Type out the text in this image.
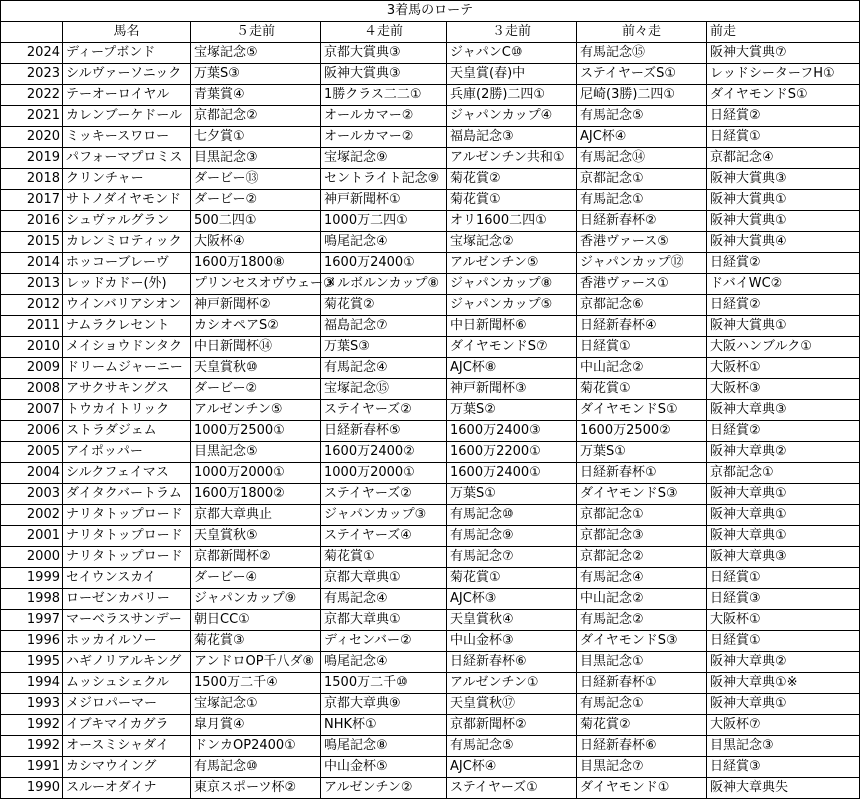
3着馬のローテ						
	馬名	５走前	４走前	３走前	前々走	前走
2024	ディープボンド	宝塚記念⑤	京都大賞典③	ジャパンC⑩	有馬記念⑮	阪神大賞典⑦
2023	シルヴァーソニック	万葉S③	阪神大賞典③	天皇賞(春)中	ステイヤーズS①	レッドシーターフH①
2022	テーオーロイヤル	青葉賞④	1勝クラス二二①	兵庫(2勝)二四①	尼崎(3勝)二四①	ダイヤモンドS①
2021	カレンブーケドール	京都記念②	オールカマー②	ジャパンカップ④	有馬記念⑤	日経賞②
2020	ミッキースワロー	七夕賞①	オールカマー②	福島記念③	AJC杯④	日経賞①
2019	パフォーマプロミス	目黒記念③	宝塚記念⑨	アルゼンチン共和①	有馬記念⑭	京都記念④
2018	クリンチャー	ダービー⑬	セントライト記念⑨	菊花賞②	京都記念①	阪神大賞典③
2017	サトノダイヤモンド	ダービー②	神戸新聞杯①	菊花賞①	有馬記念①	阪神大賞典①
2016	シュヴァルグラン	500二四①	1000万二四①	オリ1600二四①	日経新春杯②	阪神大賞典①
2015	カレンミロティック	大阪杯④	鳴尾記念④	宝塚記念②	香港ヴァース⑤	阪神大賞典④
2014	ホッコーブレーヴ	1600万1800⑧	1600万2400①	アルゼンチン⑤	ジャパンカップ⑫	日経賞②
2013	レッドカドー(外)	プリンセスオヴウェー③	メルボルンカップ⑧	ジャパンカップ⑧	香港ヴァース①	ドバイWC②
2012	ウインバリアシオン	神戸新聞杯②	菊花賞②	ジャパンカップ⑤	京都記念⑥	日経賞②
2011	ナムラクレセント	カシオペアS②	福島記念⑦	中日新聞杯⑥	日経新春杯④	阪神大賞典①
2010	メイショウドンタク	中日新聞杯⑭	万葉S③	ダイヤモンドS⑦	日経賞①	大阪ハンブルク①
2009	ドリームジャーニー	天皇賞秋⑩	有馬記念④	AJC杯⑧	中山記念②	大阪杯①
2008	アサクサキングス	ダービー②	宝塚記念⑮	神戸新聞杯③	菊花賞①	大阪杯③
2007	トウカイトリック	アルゼンチン⑤	ステイヤーズ②	万葉S②	ダイヤモンドS①	阪神大章典③
2006	ストラダジェム	1000万2500①	日経新春杯⑤	1600万2400③	1600万2500②	日経賞②
2005	アイポッパー	目黒記念⑤	1600万2400②	1600万2200①	万葉S①	阪神大章典②
2004	シルクフェイマス	1000万2000①	1000万2000①	1600万2400①	日経新春杯①	京都記念①
2003	ダイタクバートラム	1600万1800②	ステイヤーズ②	万葉S①	ダイヤモンドS③	阪神大章典①
2002	ナリタトップロード	京都大章典止	ジャパンカップ③	有馬記念⑩	京都記念①	阪神大章典①
2001	ナリタトップロード	天皇賞秋⑤	ステイヤーズ④	有馬記念⑨	京都記念③	阪神大章典①
2000	ナリタトップロード	京都新聞杯②	菊花賞①	有馬記念⑦	京都記念②	阪神大章典③
1999	セイウンスカイ	ダービー④	京都大章典①	菊花賞①	有馬記念④	日経賞①
1998	ローゼンカバリー	ジャパンカップ⑨	有馬記念④	AJC杯③	中山記念②	日経賞③
1997	マーベラスサンデー	朝日CC①	京都大章典①	天皇賞秋④	有馬記念②	大阪杯①
1996	ホッカイルソー	菊花賞③	ディセンバー②	中山金杯③	ダイヤモンドS③	日経賞①
1995	ハギノリアルキング	アンドロOP千八ダ⑧	鳴尾記念④	日経新春杯⑥	目黒記念①	阪神大章典②
1994	ムッシュシェクル	1500万二千④	1500万二千⑩	アルゼンチン①	日経新春杯①	阪神大章典①※
1993	メジロパーマー	宝塚記念①	京都大章典⑨	天皇賞秋⑰	有馬記念①	阪神大章典①
1992	イブキマイカグラ	皐月賞④	NHK杯①	京都新聞杯②	菊花賞②	大阪杯⑦
1992	オースミシャダイ	ドンカOP2400①	鳴尾記念⑧	有馬記念⑤	日経新春杯⑥	目黒記念③
1991	カシマウイング	有馬記念⑩	中山金杯⑤	AJC杯④	目黒記念⑦	日経賞③
1990	スルーオダイナ	東京スポーツ杯②	アルゼンチン②	ステイヤーズ①	ダイヤモンド①	阪神大章典失
